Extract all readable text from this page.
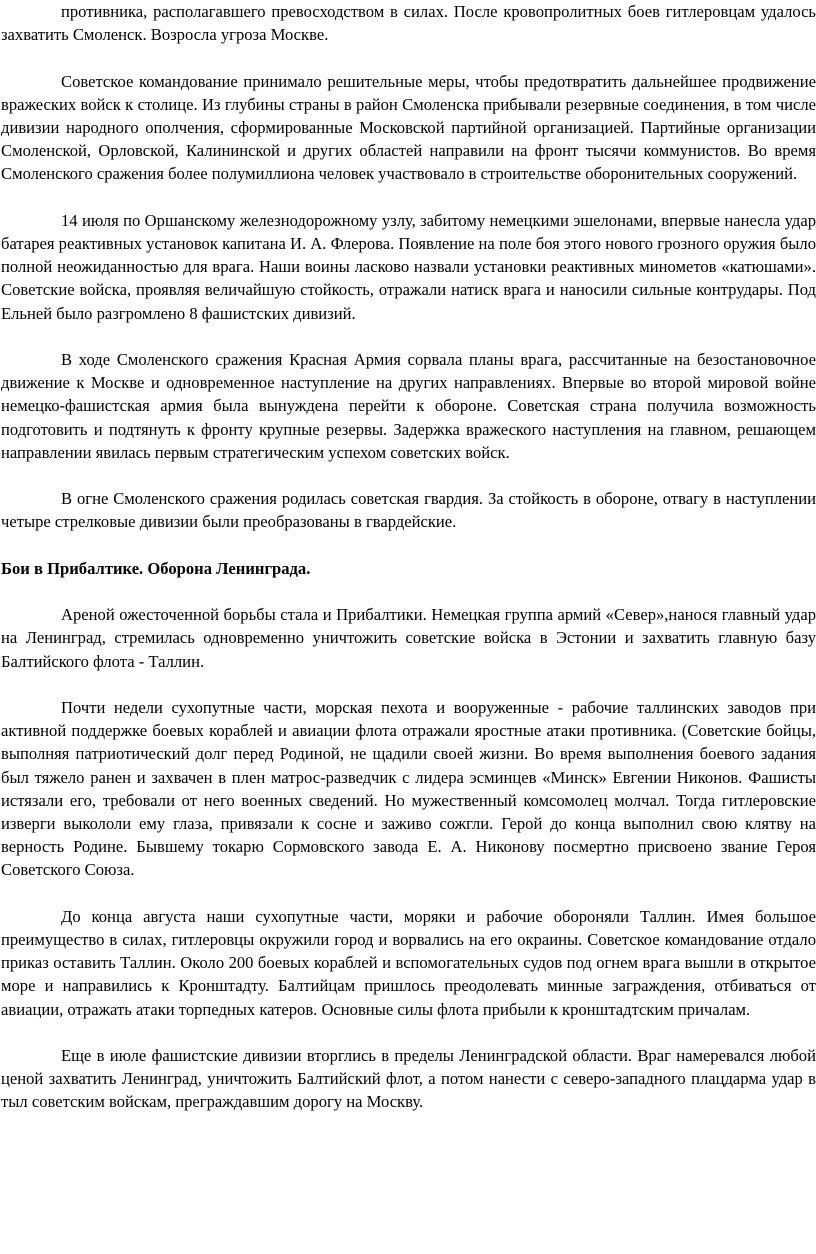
противника, располагавшего превосходством в силах. После кровопролитных боев гитлеровцам удалось захватить Смоленск. Возросла угроза Москве.

Советское командование принимало решительные меры, чтобы предотвратить дальнейшее продвижение вражеских войск к столице. Из глубины страны в район Смоленска прибывали резервные соединения, в том числе дивизии народного ополчения, сформированные Московской партийной организацией. Партийные организации Смоленской, Орловской, Калининской и других областей направили на фронт тысячи коммунистов. Во время Смоленского сражения более полумиллиона человек участвовало в строительстве оборонительных сооружений.

14 июля по Оршанскому железнодорожному узлу, забитому немецкими эшелонами, впервые нанесла удар батарея реактивных установок капитана И. А. Флерова. Появление на поле боя этого нового грозного оружия было полной неожиданностью для врага. Наши воины ласково назвали установки реактивных минометов «катюшами». Советские войска, проявляя величайшую стойкость, отражали натиск врага и наносили сильные контрудары. Под Ельней было разгромлено 8 фашистских дивизий.

В ходе Смоленского сражения Красная Армия сорвала планы врага, рассчитанные на безостановочное движение к Москве и одновременное наступление на других направлениях. Впервые во второй мировой войне немецко-фашистская армия была вынуждена перейти к обороне. Советская страна получила возможность подготовить и подтянуть к фронту крупные резервы. Задержка вражеского наступления на главном, решающем направлении явилась первым стратегическим успехом советских войск.

В огне Смоленского сражения родилась советская гвардия. За стойкость в обороне, отвагу в наступлении четыре стрелковые дивизии были преобразованы в гвардейские.

Бои в Прибалтике. Оборона Ленинграда.

Ареной ожесточенной борьбы стала и Прибалтики. Немецкая группа армий «Север»,нанося главный удар на Ленинград, стремилась одновременно уничтожить советские войска в Эстонии и захватить главную базу Балтийского флота - Таллин.

Почти недели сухопутные части, морская пехота и вооруженные - рабочие таллинских заводов при активной поддержке боевых кораблей и авиации флота отражали яростные атаки противника. (Советские бойцы, выполняя патриотический долг перед Родиной, не щадили своей жизни. Во время выполнения боевого задания был тяжело ранен и захвачен в плен матрос-разведчик с лидера эсминцев «Минск» Евгении Никонов. Фашисты истязали его, требовали от него военных сведений. Но мужественный комсомолец молчал. Тогда гитлеровские изверги выкололи ему глаза, привязали к сосне и заживо сожгли. Герой до конца выполнил свою клятву на верность Родине. Бывшему токарю Сормовского завода Е. А. Никонову посмертно присвоено звание Героя Советского Союза.

До конца августа наши сухопутные части, моряки и рабочие обороняли Таллин. Имея большое преимущество в силах, гитлеровцы окружили город и ворвались на его окраины. Советское командование отдало приказ оставить Таллин. Около 200 боевых кораблей и вспомогательных судов под огнем врага вышли в открытое море и направились к Кронштадту. Балтийцам пришлось преодолевать минные заграждения, отбиваться от авиации, отражать атаки торпедных катеров. Основные силы флота прибыли к кронштадтским причалам.

Еще в июле фашистские дивизии вторглись в пределы Ленинградской области. Враг намеревался любой ценой захватить Ленинград, уничтожить Балтийский флот, а потом нанести с северо-западного плацдарма удар в тыл советским войскам, преграждавшим дорогу на Москву.
